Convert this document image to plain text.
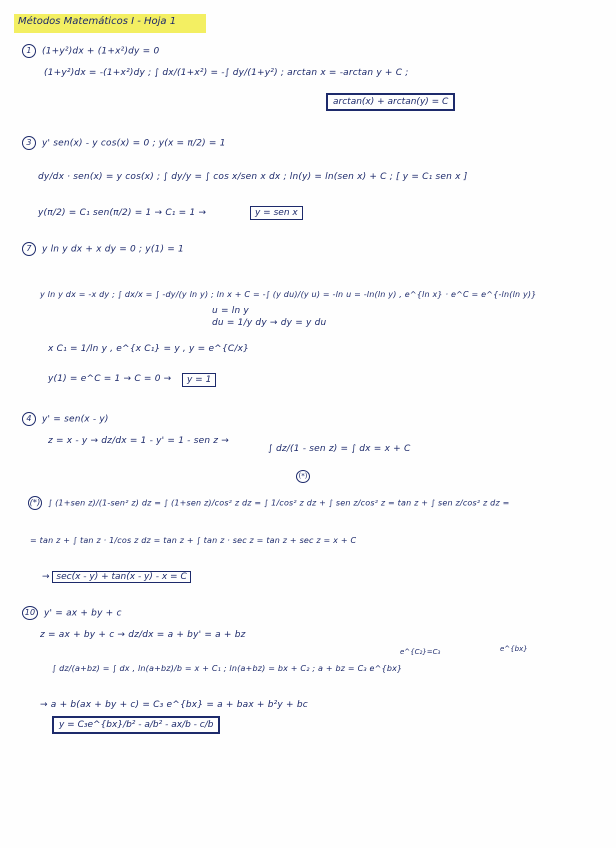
Métodos Matemáticos I - Hoja 1
1 (1+y²)dx + (1+x²)dy = 0
(1+y²)dx = -(1+x²)dy ; ∫ dx/(1+x²) = -∫ dy/(1+y²) ; arctan x = -arctan y + C ;
arctan(x) + arctan(y) = C
3 y' sen(x) - y cos(x) = 0 ; y(x = π/2) = 1
dy/dx · sen(x) = y cos(x) ; ∫ dy/y = ∫ cos x/sen x dx ; ln(y) = ln(sen x) + C ; [ y = C₁ sen x ]
y(π/2) = C₁ sen(π/2) = 1 → C₁ = 1 →	y = sen x
7 y ln y dx + x dy = 0 ; y(1) = 1
y ln y dx = -x dy ; ∫ dx/x = ∫ -dy/(y ln y) ; ln x + C = -∫ (y du)/(y u) = -ln u = -ln(ln y) , e^{ln x} · e^C = e^{-ln(ln y)}
u = ln y
du = 1/y dy → dy = y du
x C₁ = 1/ln y , e^{x C₁} = y , y = e^{C/x}
y(1) = e^C = 1 → C = 0 →	y = 1
4 y' = sen(x - y)
z = x - y → dz/dx = 1 - y' = 1 - sen z →
∫ dz/(1 - sen z) = ∫ dx = x + C
(*)
(*) ∫ (1+sen z)/(1-sen² z) dz = ∫ (1+sen z)/cos² z dz = ∫ 1/cos² z dz + ∫ sen z/cos² z = tan z + ∫ sen z/cos² z dz =
= tan z + ∫ tan z · 1/cos z dz = tan z + ∫ tan z · sec z = tan z + sec z = x + C
→ sec(x - y) + tan(x - y) - x = C
10 y' = ax + by + c
z = ax + by + c → dz/dx = a + by' = a + bz
e^{C₂}=C₃	e^{bx}
∫ dz/(a+bz) = ∫ dx , ln(a+bz)/b = x + C₁ ; ln(a+bz) = bx + C₂ ; a + bz = C₃ e^{bx}
→ a + b(ax + by + c) = C₃ e^{bx} = a + bax + b²y + bc
y = C₃e^{bx}/b² - a/b² - ax/b - c/b
